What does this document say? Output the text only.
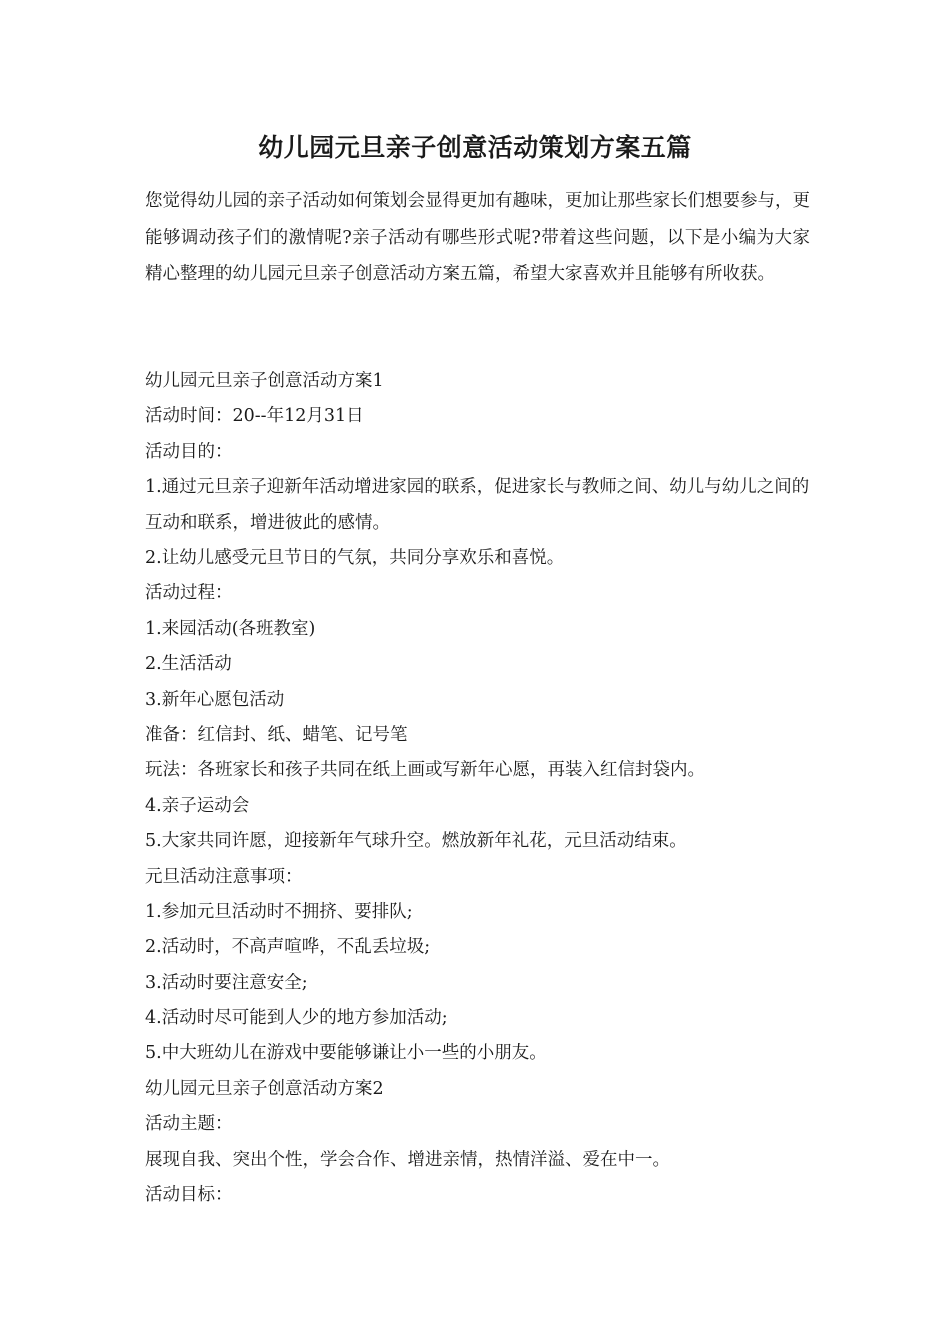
幼儿园元旦亲子创意活动策划方案五篇
您觉得幼儿园的亲子活动如何策划会显得更加有趣味，更加让那些家长们想要参与，更能够调动孩子们的激情呢?亲子活动有哪些形式呢?带着这些问题，以下是小编为大家精心整理的幼儿园元旦亲子创意活动方案五篇，希望大家喜欢并且能够有所收获。
幼儿园元旦亲子创意活动方案1
活动时间：20--年12月31日
活动目的：
1.通过元旦亲子迎新年活动增进家园的联系，促进家长与教师之间、幼儿与幼儿之间的互动和联系，增进彼此的感情。
2.让幼儿感受元旦节日的气氛，共同分享欢乐和喜悦。
活动过程：
1.来园活动(各班教室)
2.生活活动
3.新年心愿包活动
准备：红信封、纸、蜡笔、记号笔
玩法：各班家长和孩子共同在纸上画或写新年心愿，再装入红信封袋内。
4.亲子运动会
5.大家共同许愿，迎接新年气球升空。燃放新年礼花，元旦活动结束。
元旦活动注意事项：
1.参加元旦活动时不拥挤、要排队;
2.活动时，不高声喧哗，不乱丢垃圾;
3.活动时要注意安全;
4.活动时尽可能到人少的地方参加活动;
5.中大班幼儿在游戏中要能够谦让小一些的小朋友。
幼儿园元旦亲子创意活动方案2
活动主题：
展现自我、突出个性，学会合作、增进亲情，热情洋溢、爱在中一。
活动目标：
